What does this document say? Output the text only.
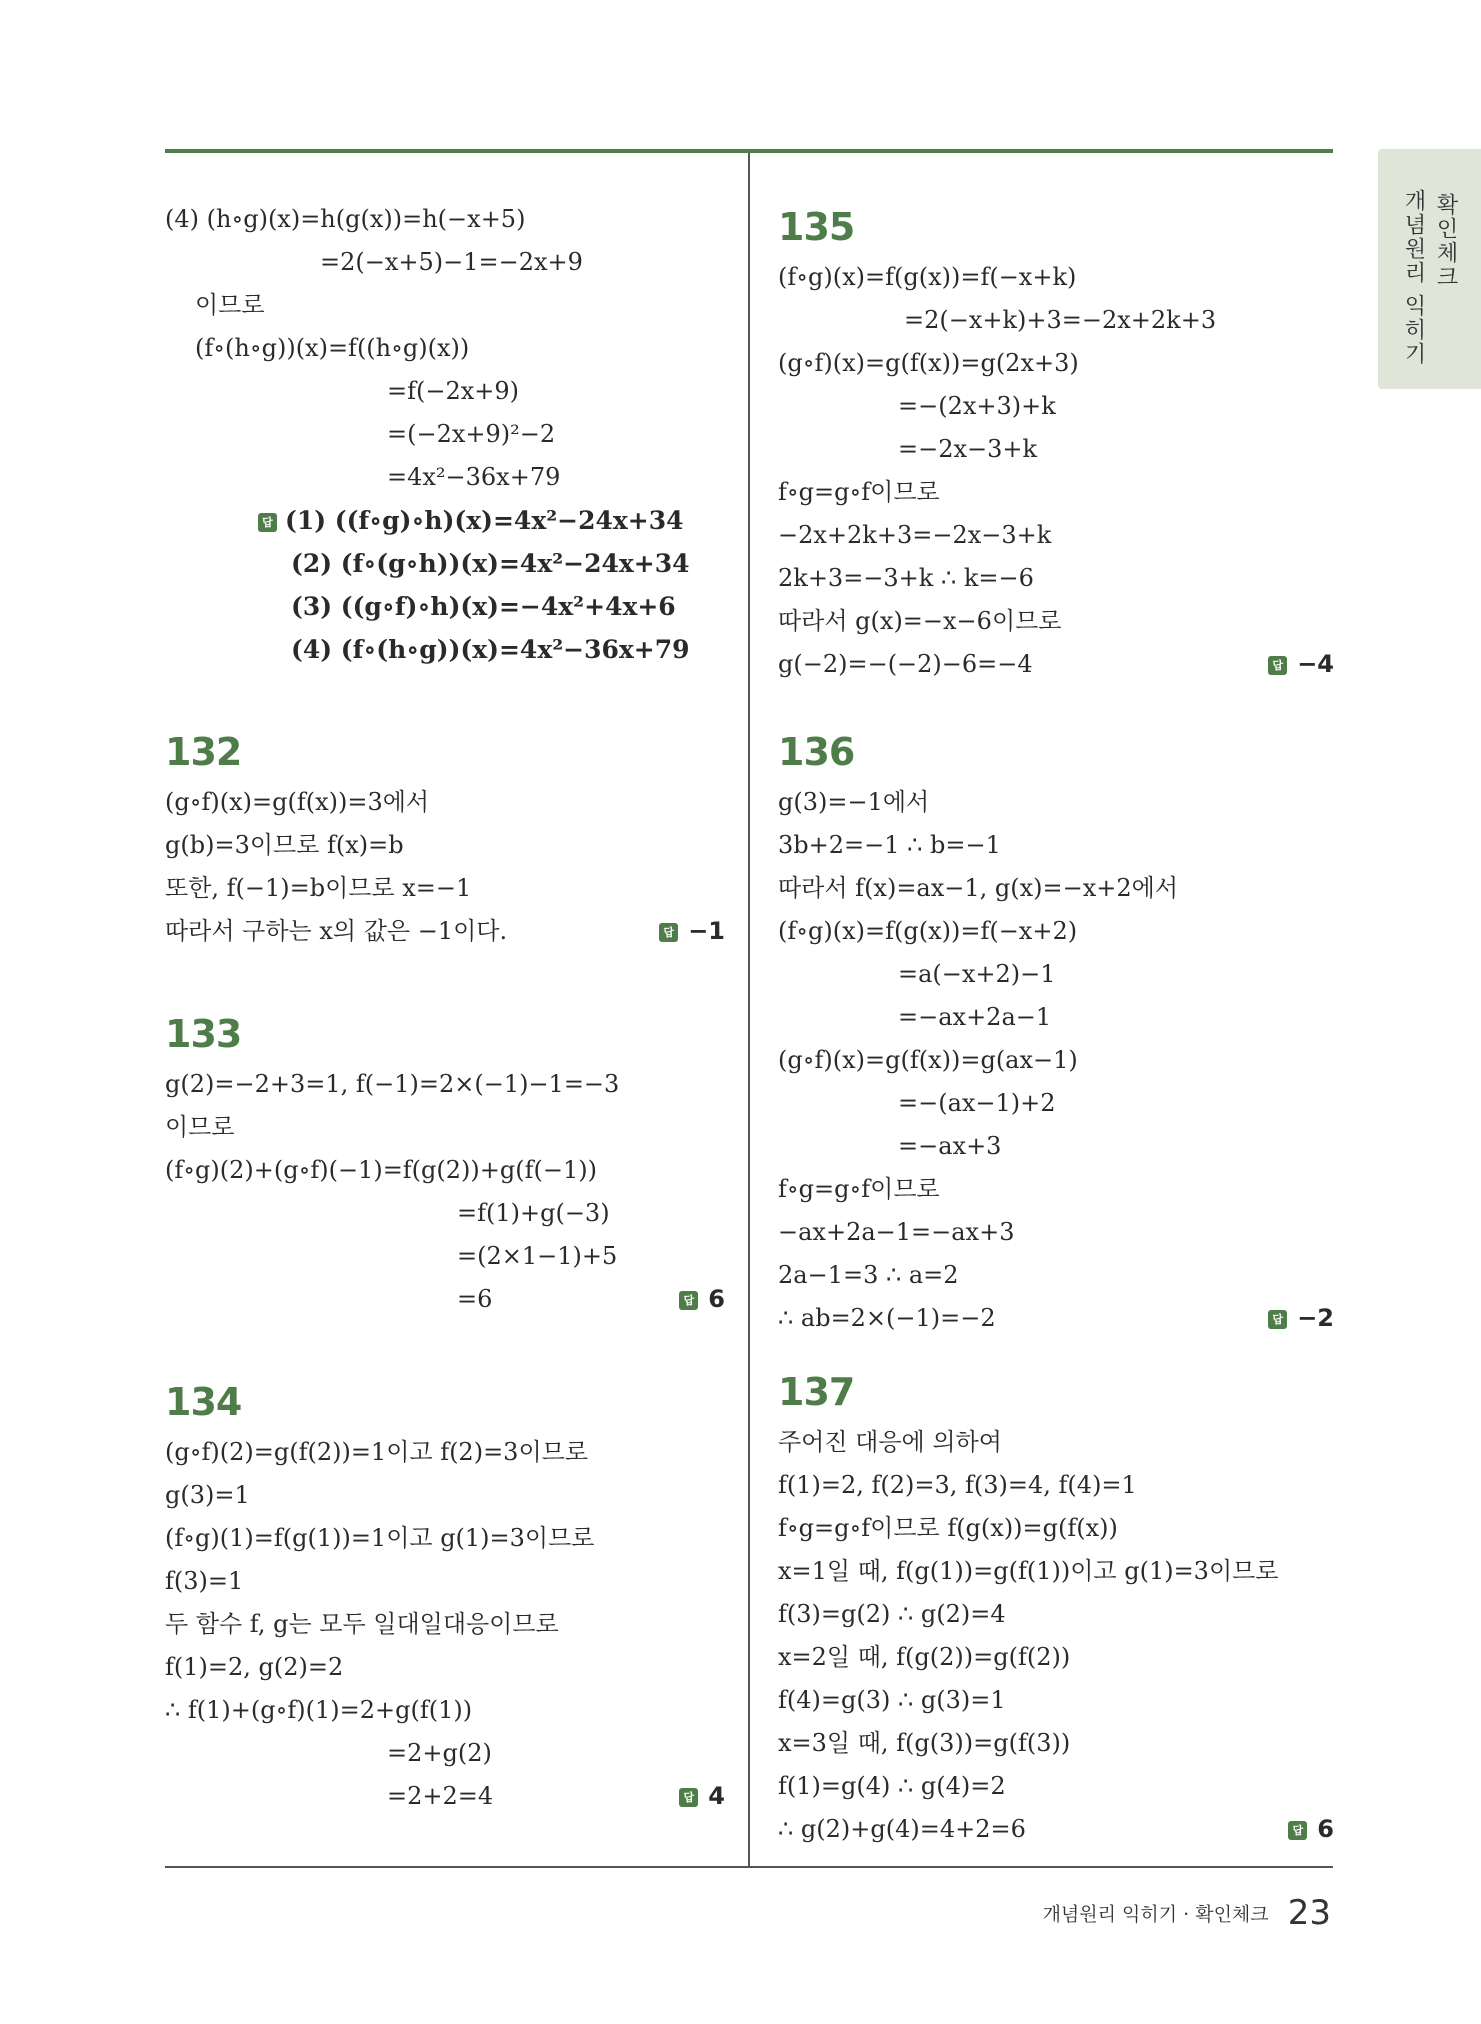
확인체크
개념원리 익히기
(4) (h∘g)(x)=h(g(x))=h(−x+5)
=2(−x+5)−1=−2x+9
이므로
(f∘(h∘g))(x)=f((h∘g)(x))
=f(−2x+9)
=(−2x+9)²−2
=4x²−36x+79
답 (1) ((f∘g)∘h)(x)=4x²−24x+34
(2) (f∘(g∘h))(x)=4x²−24x+34
(3) ((g∘f)∘h)(x)=−4x²+4x+6
(4) (f∘(h∘g))(x)=4x²−36x+79
132
(g∘f)(x)=g(f(x))=3에서
g(b)=3이므로 f(x)=b
또한, f(−1)=b이므로 x=−1
따라서 구하는 x의 값은 −1이다.	답 −1
133
g(2)=−2+3=1, f(−1)=2×(−1)−1=−3
이므로
(f∘g)(2)+(g∘f)(−1)=f(g(2))+g(f(−1))
=f(1)+g(−3)
=(2×1−1)+5
=6	답 6
134
(g∘f)(2)=g(f(2))=1이고 f(2)=3이므로
g(3)=1
(f∘g)(1)=f(g(1))=1이고 g(1)=3이므로
f(3)=1
두 함수 f, g는 모두 일대일대응이므로
f(1)=2, g(2)=2
∴ f(1)+(g∘f)(1)=2+g(f(1))
=2+g(2)
=2+2=4	답 4
135
(f∘g)(x)=f(g(x))=f(−x+k)
=2(−x+k)+3=−2x+2k+3
(g∘f)(x)=g(f(x))=g(2x+3)
=−(2x+3)+k
=−2x−3+k
f∘g=g∘f이므로
−2x+2k+3=−2x−3+k
2k+3=−3+k ∴ k=−6
따라서 g(x)=−x−6이므로
g(−2)=−(−2)−6=−4	답 −4
136
g(3)=−1에서
3b+2=−1 ∴ b=−1
따라서 f(x)=ax−1, g(x)=−x+2에서
(f∘g)(x)=f(g(x))=f(−x+2)
=a(−x+2)−1
=−ax+2a−1
(g∘f)(x)=g(f(x))=g(ax−1)
=−(ax−1)+2
=−ax+3
f∘g=g∘f이므로
−ax+2a−1=−ax+3
2a−1=3 ∴ a=2
∴ ab=2×(−1)=−2	답 −2
137
주어진 대응에 의하여
f(1)=2, f(2)=3, f(3)=4, f(4)=1
f∘g=g∘f이므로 f(g(x))=g(f(x))
x=1일 때, f(g(1))=g(f(1))이고 g(1)=3이므로
f(3)=g(2) ∴ g(2)=4
x=2일 때, f(g(2))=g(f(2))
f(4)=g(3) ∴ g(3)=1
x=3일 때, f(g(3))=g(f(3))
f(1)=g(4) ∴ g(4)=2
∴ g(2)+g(4)=4+2=6	답 6
개념원리 익히기 · 확인체크 23
